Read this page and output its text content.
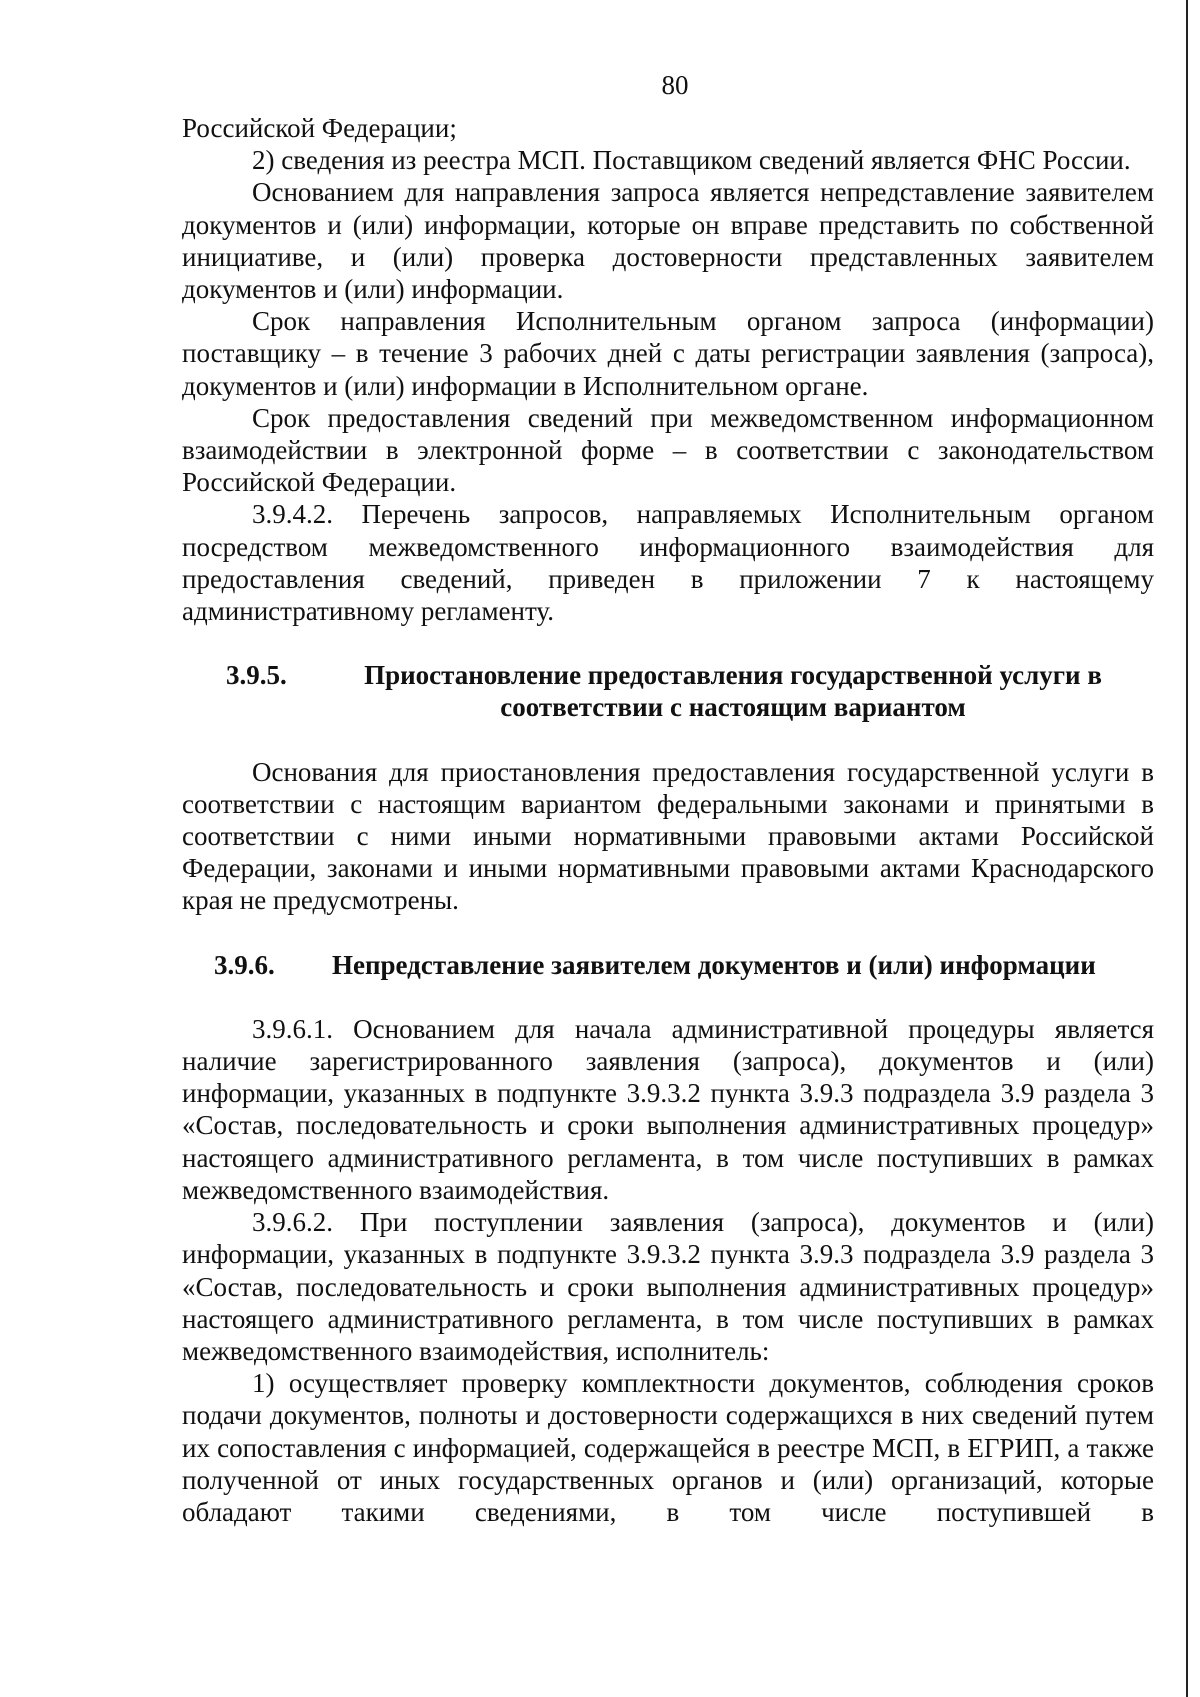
80

Российской Федерации;

2) сведения из реестра МСП. Поставщиком сведений является ФНС России.

Основанием для направления запроса является непредставление заявителем документов и (или) информации, которые он вправе представить по собственной инициативе, и (или) проверка достоверности представленных заявителем документов и (или) информации.

Срок направления Исполнительным органом запроса (информации) поставщику – в течение 3 рабочих дней с даты регистрации заявления (запроса), документов и (или) информации в Исполнительном органе.

Срок предоставления сведений при межведомственном информационном взаимодействии в электронной форме – в соответствии с законодательством Российской Федерации.

3.9.4.2. Перечень запросов, направляемых Исполнительным органом посредством межведомственного информационного взаимодействия для предоставления сведений, приведен в приложении 7 к настоящему административному регламенту.

3.9.5.	Приостановление предоставления государственной услуги в соответствии с настоящим вариантом

Основания для приостановления предоставления государственной услуги в соответствии с настоящим вариантом федеральными законами и принятыми в соответствии с ними иными нормативными правовыми актами Российской Федерации, законами и иными нормативными правовыми актами Краснодарского края не предусмотрены.

3.9.6.	Непредставление заявителем документов и (или) информации

3.9.6.1. Основанием для начала административной процедуры является наличие зарегистрированного заявления (запроса), документов и (или) информации, указанных в подпункте 3.9.3.2 пункта 3.9.3 подраздела 3.9 раздела 3 «Состав, последовательность и сроки выполнения административных процедур» настоящего административного регламента, в том числе поступивших в рамках межведомственного взаимодействия.

3.9.6.2. При поступлении заявления (запроса), документов и (или) информации, указанных в подпункте 3.9.3.2 пункта 3.9.3 подраздела 3.9 раздела 3 «Состав, последовательность и сроки выполнения административных процедур» настоящего административного регламента, в том числе поступивших в рамках межведомственного взаимодействия, исполнитель:

1) осуществляет проверку комплектности документов, соблюдения сроков подачи документов, полноты и достоверности содержащихся в них сведений путем их сопоставления с информацией, содержащейся в реестре МСП, в ЕГРИП, а также полученной от иных государственных органов и (или) организаций, которые обладают такими сведениями, в том числе поступившей в
